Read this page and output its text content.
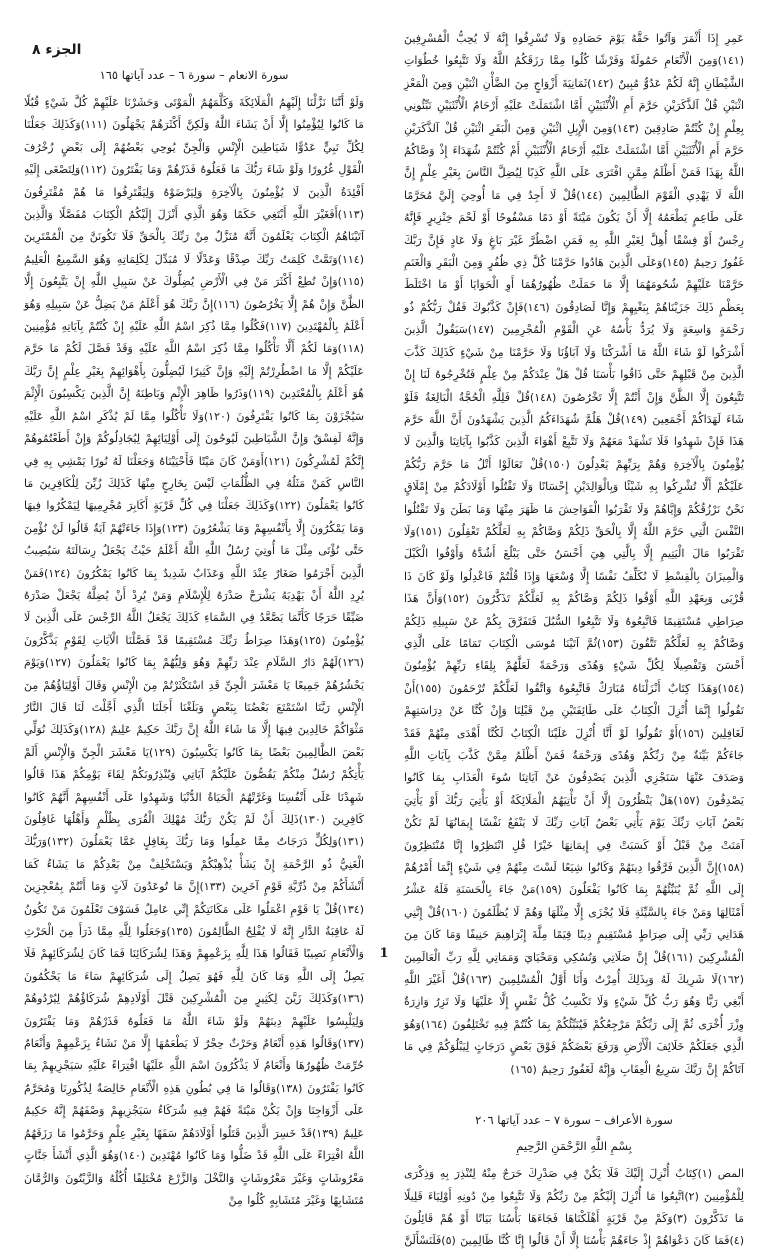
عَمِرِ إِذَا أَثْمَرَ وَآتُوا حَقَّهُ يَوْمَ حَصَادِهِ وَلَا تُسْرِفُوا إِنَّهُ لَا يُحِبُّ الْمُسْرِفِينَ (١٤١)وَمِنَ الْأَنْعَامِ حَمُولَةً وَفَرْشًا كُلُوا مِمَّا رَزَقَكُمُ اللَّهُ وَلَا تَتَّبِعُوا خُطُوَاتِ الشَّيْطَانِ إِنَّهُ لَكُمْ عَدُوٌّ مُبِينٌ (١٤٢)ثَمَانِيَةَ أَزْوَاجٍ مِنَ الضَّأْنِ اثْنَيْنِ وَمِنَ الْمَعْزِ اثْنَيْنِ قُلْ آلذَّكَرَيْنِ حَرَّمَ أَمِ الْأُنْثَيَيْنِ أَمَّا اشْتَمَلَتْ عَلَيْهِ أَرْحَامُ الْأُنْثَيَيْنِ نَبِّئُونِي بِعِلْمٍ إِنْ كُنْتُمْ صَادِقِينَ (١٤٣)وَمِنَ الْإِبِلِ اثْنَيْنِ وَمِنَ الْبَقَرِ اثْنَيْنِ قُلْ آلذَّكَرَيْنِ حَرَّمَ أَمِ الْأُنْثَيَيْنِ أَمَّا اشْتَمَلَتْ عَلَيْهِ أَرْحَامُ الْأُنْثَيَيْنِ أَمْ كُنْتُمْ شُهَدَاءَ إِذْ وَصَّاكُمُ اللَّهُ بِهَذَا فَمَنْ أَظْلَمُ مِمَّنِ افْتَرَى عَلَى اللَّهِ كَذِبًا لِيُضِلَّ النَّاسَ بِغَيْرِ عِلْمٍ إِنَّ اللَّهَ لَا يَهْدِي الْقَوْمَ الظَّالِمِينَ (١٤٤)قُلْ لَا أَجِدُ فِي مَا أُوحِيَ إِلَيَّ مُحَرَّمًا عَلَى طَاعِمٍ يَطْعَمُهُ إِلَّا أَنْ يَكُونَ مَيْتَةً أَوْ دَمًا مَسْفُوحًا أَوْ لَحْمَ خِنْزِيرٍ فَإِنَّهُ رِجْسٌ أَوْ فِسْقًا أُهِلَّ لِغَيْرِ اللَّهِ بِهِ فَمَنِ اضْطُرَّ غَيْرَ بَاغٍ وَلَا عَادٍ فَإِنَّ رَبَّكَ غَفُورٌ رَحِيمٌ (١٤٥)وَعَلَى الَّذِينَ هَادُوا حَرَّمْنَا كُلَّ ذِي ظُفُرٍ وَمِنَ الْبَقَرِ وَالْغَنَمِ حَرَّمْنَا عَلَيْهِمْ شُحُومَهُمَا إِلَّا مَا حَمَلَتْ ظُهُورُهُمَا أَوِ الْحَوَايَا أَوْ مَا اخْتَلَطَ بِعَظْمٍ ذَلِكَ جَزَيْنَاهُمْ بِبَغْيِهِمْ وَإِنَّا لَصَادِقُونَ (١٤٦)فَإِنْ كَذَّبُوكَ فَقُلْ رَبُّكُمْ ذُو رَحْمَةٍ وَاسِعَةٍ وَلَا يُرَدُّ بَأْسُهُ عَنِ الْقَوْمِ الْمُجْرِمِينَ (١٤٧)سَيَقُولُ الَّذِينَ أَشْرَكُوا لَوْ شَاءَ اللَّهُ مَا أَشْرَكْنَا وَلَا آبَاؤُنَا وَلَا حَرَّمْنَا مِنْ شَيْءٍ كَذَلِكَ كَذَّبَ الَّذِينَ مِنْ قَبْلِهِمْ حَتَّى ذَاقُوا بَأْسَنَا قُلْ هَلْ عِنْدَكُمْ مِنْ عِلْمٍ فَتُخْرِجُوهُ لَنَا إِنْ تَتَّبِعُونَ إِلَّا الظَّنَّ وَإِنْ أَنْتُمْ إِلَّا تَخْرُصُونَ (١٤٨)قُلْ فَلِلَّهِ الْحُجَّةُ الْبَالِغَةُ فَلَوْ شَاءَ لَهَدَاكُمْ أَجْمَعِينَ (١٤٩)قُلْ هَلُمَّ شُهَدَاءَكُمُ الَّذِينَ يَشْهَدُونَ أَنَّ اللَّهَ حَرَّمَ هَذَا فَإِنْ شَهِدُوا فَلَا تَشْهَدْ مَعَهُمْ وَلَا تَتَّبِعْ أَهْوَاءَ الَّذِينَ كَذَّبُوا بِآيَاتِنَا وَالَّذِينَ لَا يُؤْمِنُونَ بِالْآخِرَةِ وَهُمْ بِرَبِّهِمْ يَعْدِلُونَ (١٥٠)قُلْ تَعَالَوْا أَتْلُ مَا حَرَّمَ رَبُّكُمْ عَلَيْكُمْ أَلَّا تُشْرِكُوا بِهِ شَيْئًا وَبِالْوَالِدَيْنِ إِحْسَانًا وَلَا تَقْتُلُوا أَوْلَادَكُمْ مِنْ إِمْلَاقٍ نَحْنُ نَرْزُقُكُمْ وَإِيَّاهُمْ وَلَا تَقْرَبُوا الْفَوَاحِشَ مَا ظَهَرَ مِنْهَا وَمَا بَطَنَ وَلَا تَقْتُلُوا النَّفْسَ الَّتِي حَرَّمَ اللَّهُ إِلَّا بِالْحَقِّ ذَلِكُمْ وَصَّاكُمْ بِهِ لَعَلَّكُمْ تَعْقِلُونَ (١٥١)وَلَا تَقْرَبُوا مَالَ الْيَتِيمِ إِلَّا بِالَّتِي هِيَ أَحْسَنُ حَتَّى يَبْلُغَ أَشُدَّهُ وَأَوْفُوا الْكَيْلَ وَالْمِيزَانَ بِالْقِسْطِ لَا نُكَلِّفُ نَفْسًا إِلَّا وُسْعَهَا وَإِذَا قُلْتُمْ فَاعْدِلُوا وَلَوْ كَانَ ذَا قُرْبَى وَبِعَهْدِ اللَّهِ أَوْفُوا ذَلِكُمْ وَصَّاكُمْ بِهِ لَعَلَّكُمْ تَذَكَّرُونَ (١٥٢)وَأَنَّ هَذَا صِرَاطِي مُسْتَقِيمًا فَاتَّبِعُوهُ وَلَا تَتَّبِعُوا السُّبُلَ فَتَفَرَّقَ بِكُمْ عَنْ سَبِيلِهِ ذَلِكُمْ وَصَّاكُمْ بِهِ لَعَلَّكُمْ تَتَّقُونَ (١٥٣)ثُمَّ آتَيْنَا مُوسَى الْكِتَابَ تَمَامًا عَلَى الَّذِي أَحْسَنَ وَتَفْصِيلًا لِكُلِّ شَيْءٍ وَهُدًى وَرَحْمَةً لَعَلَّهُمْ بِلِقَاءِ رَبِّهِمْ يُؤْمِنُونَ (١٥٤)وَهَذَا كِتَابٌ أَنْزَلْنَاهُ مُبَارَكٌ فَاتَّبِعُوهُ وَاتَّقُوا لَعَلَّكُمْ تُرْحَمُونَ (١٥٥)أَنْ تَقُولُوا إِنَّمَا أُنْزِلَ الْكِتَابُ عَلَى طَائِفَتَيْنِ مِنْ قَبْلِنَا وَإِنْ كُنَّا عَنْ دِرَاسَتِهِمْ لَغَافِلِينَ (١٥٦)أَوْ تَقُولُوا لَوْ أَنَّا أُنْزِلَ عَلَيْنَا الْكِتَابُ لَكُنَّا أَهْدَى مِنْهُمْ فَقَدْ جَاءَكُمْ بَيِّنَةٌ مِنْ رَبِّكُمْ وَهُدًى وَرَحْمَةٌ فَمَنْ أَظْلَمُ مِمَّنْ كَذَّبَ بِآيَاتِ اللَّهِ وَصَدَفَ عَنْهَا سَنَجْزِي الَّذِينَ يَصْدِفُونَ عَنْ آيَاتِنَا سُوءَ الْعَذَابِ بِمَا كَانُوا يَصْدِفُونَ (١٥٧)هَلْ يَنْظُرُونَ إِلَّا أَنْ تَأْتِيَهُمُ الْمَلَائِكَةُ أَوْ يَأْتِيَ رَبُّكَ أَوْ يَأْتِيَ بَعْضُ آيَاتِ رَبِّكَ يَوْمَ يَأْتِي بَعْضُ آيَاتِ رَبِّكَ لَا يَنْفَعُ نَفْسًا إِيمَانُهَا لَمْ تَكُنْ آمَنَتْ مِنْ قَبْلُ أَوْ كَسَبَتْ فِي إِيمَانِهَا خَيْرًا قُلِ انْتَظِرُوا إِنَّا مُنْتَظِرُونَ (١٥٨)إِنَّ الَّذِينَ فَرَّقُوا دِينَهُمْ وَكَانُوا شِيَعًا لَسْتَ مِنْهُمْ فِي شَيْءٍ إِنَّمَا أَمْرُهُمْ إِلَى اللَّهِ ثُمَّ يُنَبِّئُهُمْ بِمَا كَانُوا يَفْعَلُونَ (١٥٩)مَنْ جَاءَ بِالْحَسَنَةِ فَلَهُ عَشْرُ أَمْثَالِهَا وَمَنْ جَاءَ بِالسَّيِّئَةِ فَلَا يُجْزَى إِلَّا مِثْلَهَا وَهُمْ لَا يُظْلَمُونَ (١٦٠)قُلْ إِنَّنِي هَدَانِي رَبِّي إِلَى صِرَاطٍ مُسْتَقِيمٍ دِينًا قِيَمًا مِلَّةَ إِبْرَاهِيمَ حَنِيفًا وَمَا كَانَ مِنَ الْمُشْرِكِينَ (١٦١)قُلْ إِنَّ صَلَاتِي وَنُسُكِي وَمَحْيَايَ وَمَمَاتِي لِلَّهِ رَبِّ الْعَالَمِينَ (١٦٢)لَا شَرِيكَ لَهُ وَبِذَلِكَ أُمِرْتُ وَأَنَا أَوَّلُ الْمُسْلِمِينَ (١٦٣)قُلْ أَغَيْرَ اللَّهِ أَبْغِي رَبًّا وَهُوَ رَبُّ كُلِّ شَيْءٍ وَلَا تَكْسِبُ كُلُّ نَفْسٍ إِلَّا عَلَيْهَا وَلَا تَزِرُ وَازِرَةٌ وِزْرَ أُخْرَى ثُمَّ إِلَى رَبِّكُمْ مَرْجِعُكُمْ فَيُنَبِّئُكُمْ بِمَا كُنْتُمْ فِيهِ تَخْتَلِفُونَ (١٦٤)وَهُوَ الَّذِي جَعَلَكُمْ خَلَائِفَ الْأَرْضِ وَرَفَعَ بَعْضَكُمْ فَوْقَ بَعْضٍ دَرَجَاتٍ لِيَبْلُوَكُمْ فِي مَا آتَاكُمْ إِنَّ رَبَّكَ سَرِيعُ الْعِقَابِ وَإِنَّهُ لَغَفُورٌ رَحِيمٌ (١٦٥)

سورة الأعراف – سورة ٧ – عدد آياتها ٢٠٦
بِسْمِ اللَّهِ الرَّحْمَنِ الرَّحِيمِ

المص (١)كِتَابٌ أُنْزِلَ إِلَيْكَ فَلَا يَكُنْ فِي صَدْرِكَ حَرَجٌ مِنْهُ لِتُنْذِرَ بِهِ وَذِكْرَى لِلْمُؤْمِنِينَ (٢)اتَّبِعُوا مَا أُنْزِلَ إِلَيْكُمْ مِنْ رَبِّكُمْ وَلَا تَتَّبِعُوا مِنْ دُونِهِ أَوْلِيَاءَ قَلِيلًا مَا تَذَكَّرُونَ (٣)وَكَمْ مِنْ قَرْيَةٍ أَهْلَكْنَاهَا فَجَاءَهَا بَأْسُنَا بَيَاتًا أَوْ هُمْ قَائِلُونَ (٤)فَمَا كَانَ دَعْوَاهُمْ إِذْ جَاءَهُمْ بَأْسُنَا إِلَّا أَنْ قَالُوا إِنَّا كُنَّا ظَالِمِينَ (٥)فَلَنَسْأَلَنَّ

الجزء ٨
سورة الانعام – سورة ٦ – عدد آياتها ١٦٥

وَلَوْ أَنَّنَا نَزَّلْنَا إِلَيْهِمُ الْمَلَائِكَةَ وَكَلَّمَهُمُ الْمَوْتَى وَحَشَرْنَا عَلَيْهِمْ كُلَّ شَيْءٍ قُبُلًا مَا كَانُوا لِيُؤْمِنُوا إِلَّا أَنْ يَشَاءَ اللَّهُ وَلَكِنَّ أَكْثَرَهُمْ يَجْهَلُونَ (١١١)وَكَذَلِكَ جَعَلْنَا لِكُلِّ نَبِيٍّ عَدُوًّا شَيَاطِينَ الْإِنْسِ وَالْجِنِّ يُوحِي بَعْضُهُمْ إِلَى بَعْضٍ زُخْرُفَ الْقَوْلِ غُرُورًا وَلَوْ شَاءَ رَبُّكَ مَا فَعَلُوهُ فَذَرْهُمْ وَمَا يَفْتَرُونَ (١١٢)وَلِتَصْغَى إِلَيْهِ أَفْئِدَةُ الَّذِينَ لَا يُؤْمِنُونَ بِالْآخِرَةِ وَلِيَرْضَوْهُ وَلِيَقْتَرِفُوا مَا هُمْ مُقْتَرِفُونَ (١١٣)أَفَغَيْرَ اللَّهِ أَبْتَغِي حَكَمًا وَهُوَ الَّذِي أَنْزَلَ إِلَيْكُمُ الْكِتَابَ مُفَصَّلًا وَالَّذِينَ آتَيْنَاهُمُ الْكِتَابَ يَعْلَمُونَ أَنَّهُ مُنَزَّلٌ مِنْ رَبِّكَ بِالْحَقِّ فَلَا تَكُونَنَّ مِنَ الْمُمْتَرِينَ (١١٤)وَتَمَّتْ كَلِمَتُ رَبِّكَ صِدْقًا وَعَدْلًا لَا مُبَدِّلَ لِكَلِمَاتِهِ وَهُوَ السَّمِيعُ الْعَلِيمُ (١١٥)وَإِنْ تُطِعْ أَكْثَرَ مَنْ فِي الْأَرْضِ يُضِلُّوكَ عَنْ سَبِيلِ اللَّهِ إِنْ يَتَّبِعُونَ إِلَّا الظَّنَّ وَإِنْ هُمْ إِلَّا يَخْرُصُونَ (١١٦)إِنَّ رَبَّكَ هُوَ أَعْلَمُ مَنْ يَضِلُّ عَنْ سَبِيلِهِ وَهُوَ أَعْلَمُ بِالْمُهْتَدِينَ (١١٧)فَكُلُوا مِمَّا ذُكِرَ اسْمُ اللَّهِ عَلَيْهِ إِنْ كُنْتُمْ بِآيَاتِهِ مُؤْمِنِينَ (١١٨)وَمَا لَكُمْ أَلَّا تَأْكُلُوا مِمَّا ذُكِرَ اسْمُ اللَّهِ عَلَيْهِ وَقَدْ فَصَّلَ لَكُمْ مَا حَرَّمَ عَلَيْكُمْ إِلَّا مَا اضْطُرِرْتُمْ إِلَيْهِ وَإِنَّ كَثِيرًا لَيُضِلُّونَ بِأَهْوَائِهِمْ بِغَيْرِ عِلْمٍ إِنَّ رَبَّكَ هُوَ أَعْلَمُ بِالْمُعْتَدِينَ (١١٩)وَذَرُوا ظَاهِرَ الْإِثْمِ وَبَاطِنَهُ إِنَّ الَّذِينَ يَكْسِبُونَ الْإِثْمَ سَيُجْزَوْنَ بِمَا كَانُوا يَقْتَرِفُونَ (١٢٠)وَلَا تَأْكُلُوا مِمَّا لَمْ يُذْكَرِ اسْمُ اللَّهِ عَلَيْهِ وَإِنَّهُ لَفِسْقٌ وَإِنَّ الشَّيَاطِينَ لَيُوحُونَ إِلَى أَوْلِيَائِهِمْ لِيُجَادِلُوكُمْ وَإِنْ أَطَعْتُمُوهُمْ إِنَّكُمْ لَمُشْرِكُونَ (١٢١)أَوَمَنْ كَانَ مَيْتًا فَأَحْيَيْنَاهُ وَجَعَلْنَا لَهُ نُورًا يَمْشِي بِهِ فِي النَّاسِ كَمَنْ مَثَلُهُ فِي الظُّلُمَاتِ لَيْسَ بِخَارِجٍ مِنْهَا كَذَلِكَ زُيِّنَ لِلْكَافِرِينَ مَا كَانُوا يَعْمَلُونَ (١٢٢)وَكَذَلِكَ جَعَلْنَا فِي كُلِّ قَرْيَةٍ أَكَابِرَ مُجْرِمِيهَا لِيَمْكُرُوا فِيهَا وَمَا يَمْكُرُونَ إِلَّا بِأَنْفُسِهِمْ وَمَا يَشْعُرُونَ (١٢٣)وَإِذَا جَاءَتْهُمْ آيَةٌ قَالُوا لَنْ نُؤْمِنَ حَتَّى نُؤْتَى مِثْلَ مَا أُوتِيَ رُسُلُ اللَّهِ اللَّهُ أَعْلَمُ حَيْثُ يَجْعَلُ رِسَالَتَهُ سَيُصِيبُ الَّذِينَ أَجْرَمُوا صَغَارٌ عِنْدَ اللَّهِ وَعَذَابٌ شَدِيدٌ بِمَا كَانُوا يَمْكُرُونَ (١٢٤)فَمَنْ يُرِدِ اللَّهُ أَنْ يَهْدِيَهُ يَشْرَحْ صَدْرَهُ لِلْإِسْلَامِ وَمَنْ يُرِدْ أَنْ يُضِلَّهُ يَجْعَلْ صَدْرَهُ ضَيِّقًا حَرَجًا كَأَنَّمَا يَصَّعَّدُ فِي السَّمَاءِ كَذَلِكَ يَجْعَلُ اللَّهُ الرِّجْسَ عَلَى الَّذِينَ لَا يُؤْمِنُونَ (١٢٥)وَهَذَا صِرَاطُ رَبِّكَ مُسْتَقِيمًا قَدْ فَصَّلْنَا الْآيَاتِ لِقَوْمٍ يَذَّكَّرُونَ (١٢٦)لَهُمْ دَارُ السَّلَامِ عِنْدَ رَبِّهِمْ وَهُوَ وَلِيُّهُمْ بِمَا كَانُوا يَعْمَلُونَ (١٢٧)وَيَوْمَ يَحْشُرُهُمْ جَمِيعًا يَا مَعْشَرَ الْجِنِّ قَدِ اسْتَكْثَرْتُمْ مِنَ الْإِنْسِ وَقَالَ أَوْلِيَاؤُهُمْ مِنَ الْإِنْسِ رَبَّنَا اسْتَمْتَعَ بَعْضُنَا بِبَعْضٍ وَبَلَغْنَا أَجَلَنَا الَّذِي أَجَّلْتَ لَنَا قَالَ النَّارُ مَثْوَاكُمْ خَالِدِينَ فِيهَا إِلَّا مَا شَاءَ اللَّهُ إِنَّ رَبَّكَ حَكِيمٌ عَلِيمٌ (١٢٨)وَكَذَلِكَ نُوَلِّي بَعْضَ الظَّالِمِينَ بَعْضًا بِمَا كَانُوا يَكْسِبُونَ (١٢٩)يَا مَعْشَرَ الْجِنِّ وَالْإِنْسِ أَلَمْ يَأْتِكُمْ رُسُلٌ مِنْكُمْ يَقُصُّونَ عَلَيْكُمْ آيَاتِي وَيُنْذِرُونَكُمْ لِقَاءَ يَوْمِكُمْ هَذَا قَالُوا شَهِدْنَا عَلَى أَنْفُسِنَا وَغَرَّتْهُمُ الْحَيَاةُ الدُّنْيَا وَشَهِدُوا عَلَى أَنْفُسِهِمْ أَنَّهُمْ كَانُوا كَافِرِينَ (١٣٠)ذَلِكَ أَنْ لَمْ يَكُنْ رَبُّكَ مُهْلِكَ الْقُرَى بِظُلْمٍ وَأَهْلُهَا غَافِلُونَ (١٣١)وَلِكُلٍّ دَرَجَاتٌ مِمَّا عَمِلُوا وَمَا رَبُّكَ بِغَافِلٍ عَمَّا يَعْمَلُونَ (١٣٢)وَرَبُّكَ الْغَنِيُّ ذُو الرَّحْمَةِ إِنْ يَشَأْ يُذْهِبْكُمْ وَيَسْتَخْلِفْ مِنْ بَعْدِكُمْ مَا يَشَاءُ كَمَا أَنْشَأَكُمْ مِنْ ذُرِّيَّةِ قَوْمٍ آخَرِينَ (١٣٣)إِنَّ مَا تُوعَدُونَ لَآتٍ وَمَا أَنْتُمْ بِمُعْجِزِينَ (١٣٤)قُلْ يَا قَوْمِ اعْمَلُوا عَلَى مَكَانَتِكُمْ إِنِّي عَامِلٌ فَسَوْفَ تَعْلَمُونَ مَنْ تَكُونُ لَهُ عَاقِبَةُ الدَّارِ إِنَّهُ لَا يُفْلِحُ الظَّالِمُونَ (١٣٥)وَجَعَلُوا لِلَّهِ مِمَّا ذَرَأَ مِنَ الْحَرْثِ وَالْأَنْعَامِ نَصِيبًا فَقَالُوا هَذَا لِلَّهِ بِزَعْمِهِمْ وَهَذَا لِشُرَكَائِنَا فَمَا كَانَ لِشُرَكَائِهِمْ فَلَا يَصِلُ إِلَى اللَّهِ وَمَا كَانَ لِلَّهِ فَهُوَ يَصِلُ إِلَى شُرَكَائِهِمْ سَاءَ مَا يَحْكُمُونَ (١٣٦)وَكَذَلِكَ زَيَّنَ لِكَثِيرٍ مِنَ الْمُشْرِكِينَ قَتْلَ أَوْلَادِهِمْ شُرَكَاؤُهُمْ لِيُرْدُوهُمْ وَلِيَلْبِسُوا عَلَيْهِمْ دِينَهُمْ وَلَوْ شَاءَ اللَّهُ مَا فَعَلُوهُ فَذَرْهُمْ وَمَا يَفْتَرُونَ (١٣٧)وَقَالُوا هَذِهِ أَنْعَامٌ وَحَرْثٌ حِجْرٌ لَا يَطْعَمُهَا إِلَّا مَنْ نَشَاءُ بِزَعْمِهِمْ وَأَنْعَامٌ حُرِّمَتْ ظُهُورُهَا وَأَنْعَامٌ لَا يَذْكُرُونَ اسْمَ اللَّهِ عَلَيْهَا افْتِرَاءً عَلَيْهِ سَيَجْزِيهِمْ بِمَا كَانُوا يَفْتَرُونَ (١٣٨)وَقَالُوا مَا فِي بُطُونِ هَذِهِ الْأَنْعَامِ خَالِصَةٌ لِذُكُورِنَا وَمُحَرَّمٌ عَلَى أَزْوَاجِنَا وَإِنْ يَكُنْ مَيْتَةً فَهُمْ فِيهِ شُرَكَاءُ سَيَجْزِيهِمْ وَصْفَهُمْ إِنَّهُ حَكِيمٌ عَلِيمٌ (١٣٩)قَدْ خَسِرَ الَّذِينَ قَتَلُوا أَوْلَادَهُمْ سَفَهًا بِغَيْرِ عِلْمٍ وَحَرَّمُوا مَا رَزَقَهُمُ اللَّهُ افْتِرَاءً عَلَى اللَّهِ قَدْ ضَلُّوا وَمَا كَانُوا مُهْتَدِينَ (١٤٠)وَهُوَ الَّذِي أَنْشَأَ جَنَّاتٍ مَعْرُوشَاتٍ وَغَيْرَ مَعْرُوشَاتٍ وَالنَّخْلَ وَالزَّرْعَ مُخْتَلِفًا أُكُلُهُ وَالزَّيْتُونَ وَالرُّمَّانَ مُتَشَابِهًا وَغَيْرَ مُتَشَابِهٍ كُلُوا مِنْ

1
